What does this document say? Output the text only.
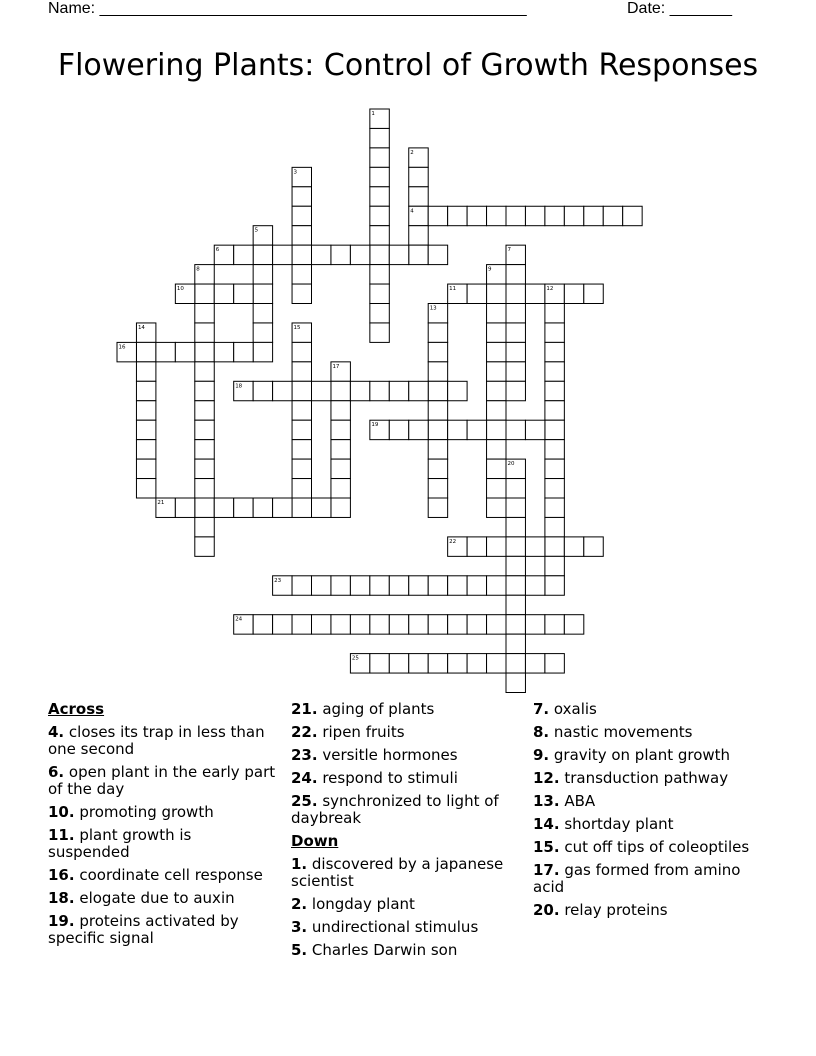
Name: ________________________________________________	Date: _______
Flowering Plants: Control of Growth Responses
1
2
3
4
5
6	7
8	9
10	11	12
13
14	15
16
17
18
19
20
21
22
23
24
25
Across
4. closes its trap in less than one second
6. open plant in the early part of the day
10. promoting growth
11. plant growth is suspended
16. coordinate cell response
18. elogate due to auxin
19. proteins activated by specific signal
21. aging of plants
22. ripen fruits
23. versitle hormones
24. respond to stimuli
25. synchronized to light of daybreak
Down
1. discovered by a japanese scientist
2. longday plant
3. undirectional stimulus
5. Charles Darwin son
7. oxalis
8. nastic movements
9. gravity on plant growth
12. transduction pathway
13. ABA
14. shortday plant
15. cut off tips of coleoptiles
17. gas formed from amino acid
20. relay proteins
